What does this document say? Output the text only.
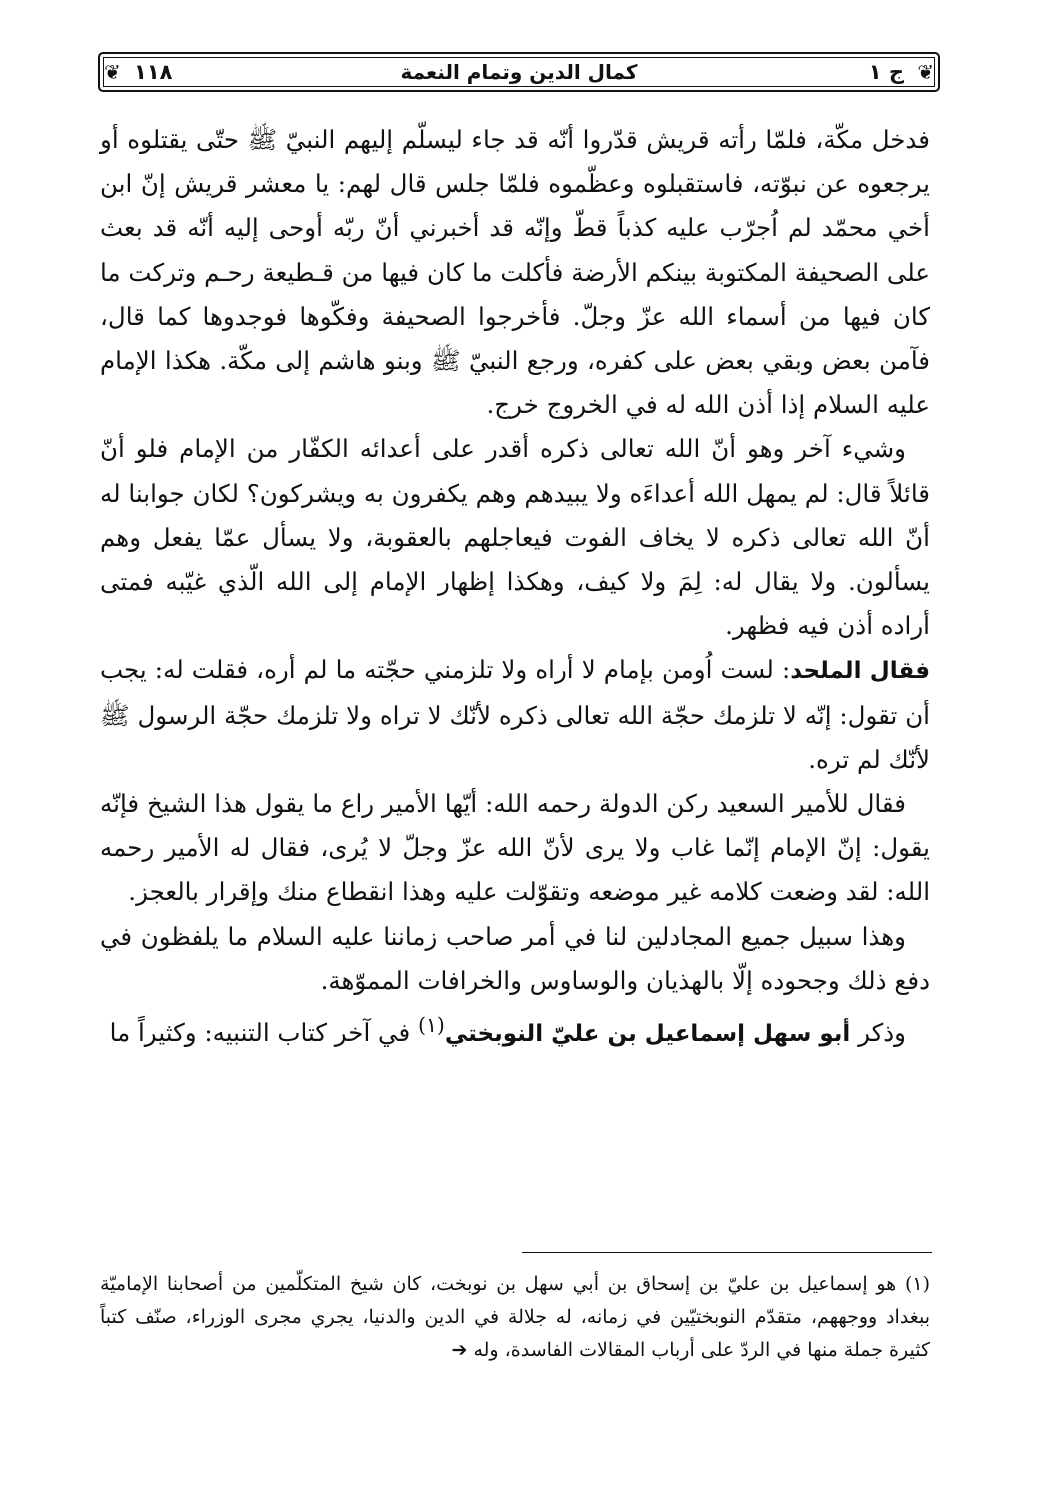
❦ ١١٨	كمال الدين وتمام النعمة	ج ١ ❦

فدخل مكّة، فلمّا رأته قريش قدّروا أنّه قد جاء ليسلّم إليهم النبيّ ﷺ حتّى يقتلوه أو يرجعوه عن نبوّته، فاستقبلوه وعظّموه فلمّا جلس قال لهم: يا معشر قريش إنّ ابن أخي محمّد لم اُجرّب عليه كذباً قطّ وإنّه قد أخبرني أنّ ربّه أوحى إليه أنّه قد بعث على الصحيفة المكتوبة بينكم الأرضة فأكلت ما كان فيها من قـطيعة رحـم وتركت ما كان فيها من أسماء الله عزّ وجلّ. فأخرجوا الصحيفة وفكّوها فوجدوها كما قال، فآمن بعض وبقي بعض على كفره، ورجع النبيّ ﷺ وبنو هاشم إلى مكّة. هكذا الإمام عليه السلام إذا أذن الله له في الخروج خرج.

وشيء آخر وهو أنّ الله تعالى ذكره أقدر على أعدائه الكفّار من الإمام فلو أنّ قائلاً قال: لم يمهل الله أعداءَه ولا يبيدهم وهم يكفرون به ويشركون؟ لكان جوابنا له أنّ الله تعالى ذكره لا يخاف الفوت فيعاجلهم بالعقوبة، ولا يسأل عمّا يفعل وهم يسألون. ولا يقال له: لِمَ ولا كيف، وهكذا إظهار الإمام إلى الله الّذي غيّبه فمتى أراده أذن فيه فظهر.

فقال الملحد: لست اُومن بإمام لا أراه ولا تلزمني حجّته ما لم أره، فقلت له: يجب أن تقول: إنّه لا تلزمك حجّة الله تعالى ذكره لأنّك لا تراه ولا تلزمك حجّة الرسول ﷺ لأنّك لم تره.

فقال للأمير السعيد ركن الدولة رحمه الله: أيّها الأمير راع ما يقول هذا الشيخ فإنّه يقول: إنّ الإمام إنّما غاب ولا يرى لأنّ الله عزّ وجلّ لا يُرى، فقال له الأمير رحمه الله: لقد وضعت كلامه غير موضعه وتقوّلت عليه وهذا انقطاع منك وإقرار بالعجز.

وهذا سبيل جميع المجادلين لنا في أمر صاحب زماننا عليه السلام ما يلفظون في دفع ذلك وجحوده إلّا بالهذيان والوساوس والخرافات المموّهة.

وذكر أبو سهل إسماعيل بن عليّ النوبختي$^{(١)}$ في آخر كتاب التنبيه: وكثيراً ما

(١) هو إسماعيل بن عليّ بن إسحاق بن أبي سهل بن نوبخت، كان شيخ المتكلّمين من أصحابنا الإماميّة ببغداد ووجههم، متقدّم النوبختيّين في زمانه، له جلالة في الدين والدنيا، يجري مجرى الوزراء، صنّف كتباً كثيرة جملة منها في الردّ على أرباب المقالات الفاسدة، وله ➔
